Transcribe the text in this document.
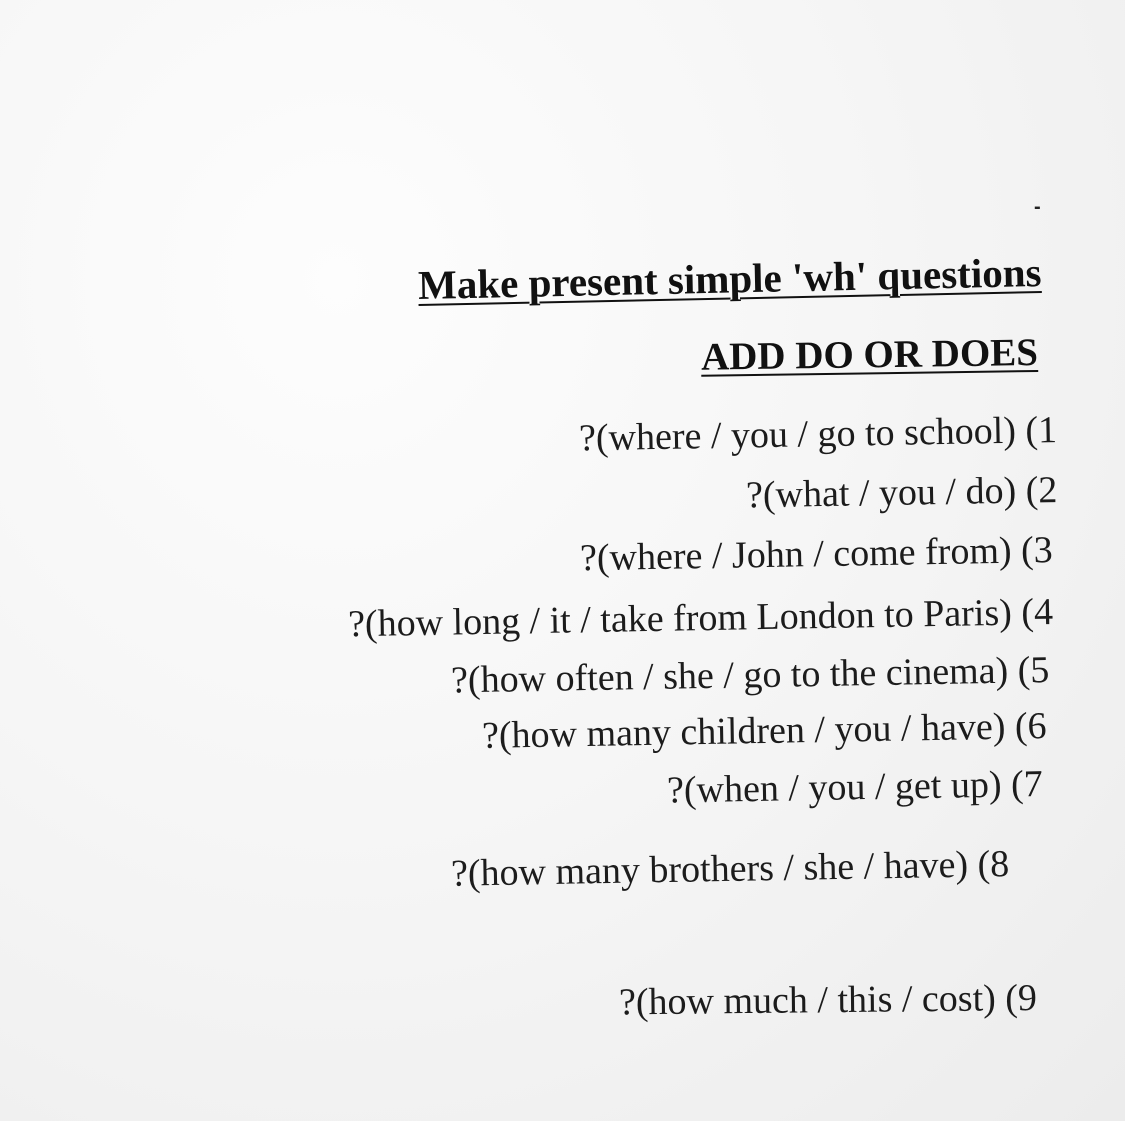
-
Make present simple 'wh' questions
ADD DO OR DOES
?(where / you / go to school) (1
?(what / you / do) (2
?(where / John / come from) (3
?(how long / it / take from London to Paris) (4
?(how often / she / go to the cinema) (5
?(how many children / you / have) (6
?(when / you / get up) (7
?(how many brothers / she / have) (8
?(how much / this / cost) (9
